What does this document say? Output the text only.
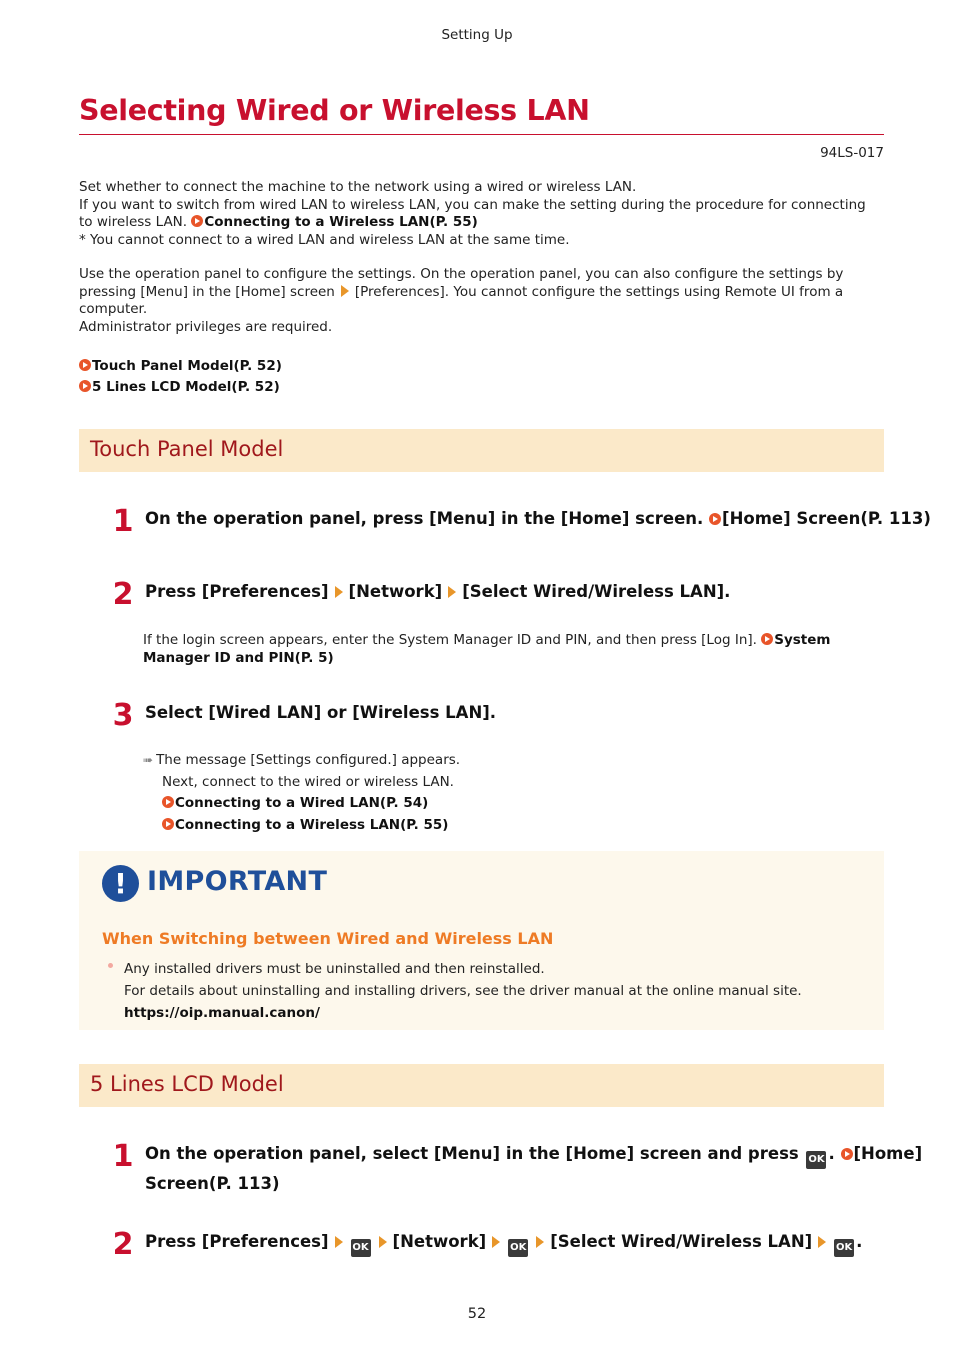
Setting Up
Selecting Wired or Wireless LAN
94LS-017
Set whether to connect the machine to the network using a wired or wireless LAN.
If you want to switch from wired LAN to wireless LAN, you can make the setting during the procedure for connecting
to wireless LAN. Connecting to a Wireless LAN(P. 55)
* You cannot connect to a wired LAN and wireless LAN at the same time.
Use the operation panel to configure the settings. On the operation panel, you can also configure the settings by
pressing [Menu] in the [Home] screen [Preferences]. You cannot configure the settings using Remote UI from a
computer.
Administrator privileges are required.
Touch Panel Model(P. 52)
5 Lines LCD Model(P. 52)
Touch Panel Model
1 On the operation panel, press [Menu] in the [Home] screen. [Home] Screen(P. 113)
2 Press [Preferences] [Network] [Select Wired/Wireless LAN].
If the login screen appears, enter the System Manager ID and PIN, and then press [Log In]. System
Manager ID and PIN(P. 5)
3 Select [Wired LAN] or [Wireless LAN].
➠ The message [Settings configured.] appears.
Next, connect to the wired or wireless LAN.
Connecting to a Wired LAN(P. 54)
Connecting to a Wireless LAN(P. 55)
!
IMPORTANT
When Switching between Wired and Wireless LAN
Any installed drivers must be uninstalled and then reinstalled.
For details about uninstalling and installing drivers, see the driver manual at the online manual site.
https://oip.manual.canon/
5 Lines LCD Model
1 On the operation panel, select [Menu] in the [Home] screen and press OK . [Home]
Screen(P. 113)
2 Press [Preferences] OK [Network] OK [Select Wired/Wireless LAN] OK .
52
